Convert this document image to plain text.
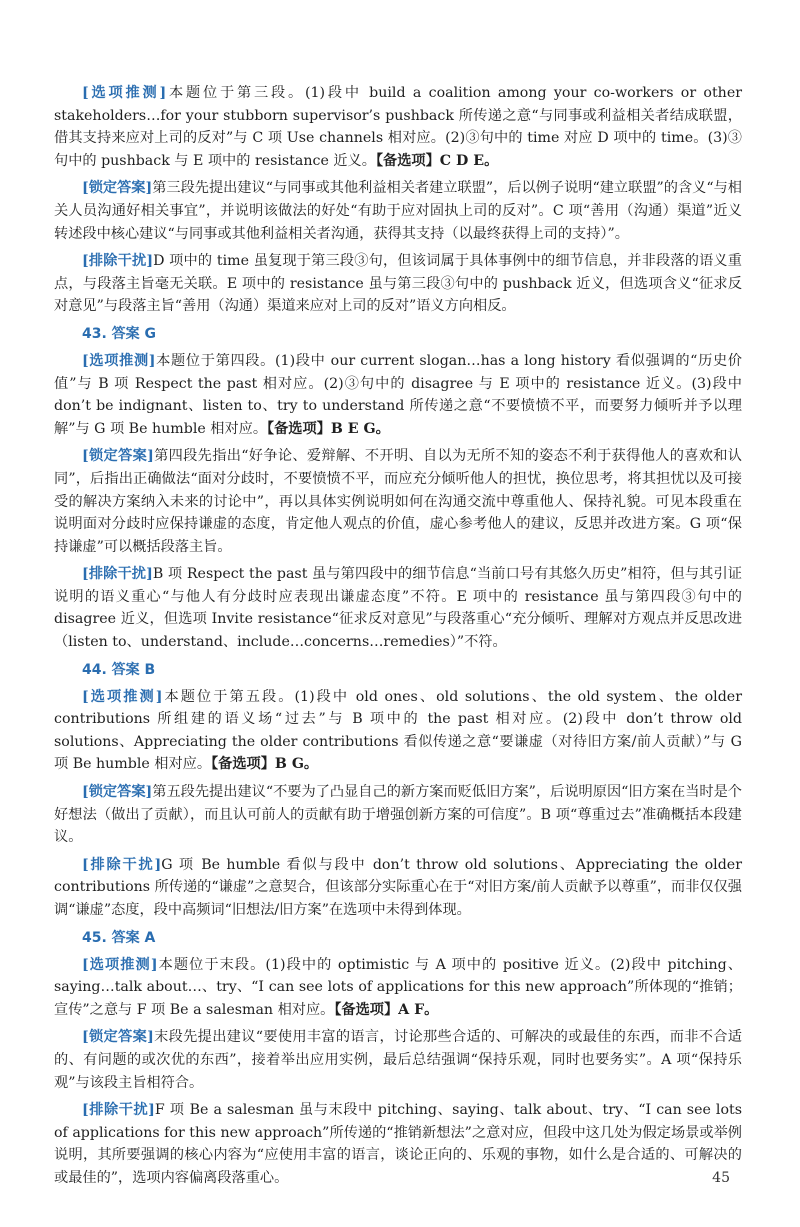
[选项推测]本题位于第三段。(1)段中 build a coalition among your co-workers or other stakeholders…for your stubborn supervisor’s pushback 所传递之意“与同事或利益相关者结成联盟，借其支持来应对上司的反对”与 C 项 Use channels 相对应。(2)③句中的 time 对应 D 项中的 time。(3)③句中的 pushback 与 E 项中的 resistance 近义。【备选项】C D E。

[锁定答案]第三段先提出建议“与同事或其他利益相关者建立联盟”，后以例子说明“建立联盟”的含义“与相关人员沟通好相关事宜”，并说明该做法的好处“有助于应对固执上司的反对”。C 项“善用（沟通）渠道”近义转述段中核心建议“与同事或其他利益相关者沟通，获得其支持（以最终获得上司的支持）”。

[排除干扰]D 项中的 time 虽复现于第三段③句，但该词属于具体事例中的细节信息，并非段落的语义重点，与段落主旨毫无关联。E 项中的 resistance 虽与第三段③句中的 pushback 近义，但选项含义“征求反对意见”与段落主旨“善用（沟通）渠道来应对上司的反对”语义方向相反。

43. 答案 G

[选项推测]本题位于第四段。(1)段中 our current slogan…has a long history 看似强调的“历史价值”与 B 项 Respect the past 相对应。(2)③句中的 disagree 与 E 项中的 resistance 近义。(3)段中 don’t be indignant、listen to、try to understand 所传递之意“不要愤愤不平，而要努力倾听并予以理解”与 G 项 Be humble 相对应。【备选项】B E G。

[锁定答案]第四段先指出“好争论、爱辩解、不开明、自以为无所不知的姿态不利于获得他人的喜欢和认同”，后指出正确做法“面对分歧时，不要愤愤不平，而应充分倾听他人的担忧，换位思考，将其担忧以及可接受的解决方案纳入未来的讨论中”，再以具体实例说明如何在沟通交流中尊重他人、保持礼貌。可见本段重在说明面对分歧时应保持谦虚的态度，肯定他人观点的价值，虚心参考他人的建议，反思并改进方案。G 项“保持谦虚”可以概括段落主旨。

[排除干扰]B 项 Respect the past 虽与第四段中的细节信息“当前口号有其悠久历史”相符，但与其引证说明的语义重心“与他人有分歧时应表现出谦虚态度”不符。E 项中的 resistance 虽与第四段③句中的 disagree 近义，但选项 Invite resistance“征求反对意见”与段落重心“充分倾听、理解对方观点并反思改进（listen to、understand、include…concerns…remedies）”不符。

44. 答案 B

[选项推测]本题位于第五段。(1)段中 old ones、old solutions、the old system、the older contributions 所组建的语义场“过去”与 B 项中的 the past 相对应。(2)段中 don’t throw old solutions、Appreciating the older contributions 看似传递之意“要谦虚（对待旧方案/前人贡献）”与 G 项 Be humble 相对应。【备选项】B G。

[锁定答案]第五段先提出建议“不要为了凸显自己的新方案而贬低旧方案”，后说明原因“旧方案在当时是个好想法（做出了贡献），而且认可前人的贡献有助于增强创新方案的可信度”。B 项“尊重过去”准确概括本段建议。

[排除干扰]G 项 Be humble 看似与段中 don’t throw old solutions、Appreciating the older contributions 所传递的“谦虚”之意契合，但该部分实际重心在于“对旧方案/前人贡献予以尊重”，而非仅仅强调“谦虚”态度，段中高频词“旧想法/旧方案”在选项中未得到体现。

45. 答案 A

[选项推测]本题位于末段。(1)段中的 optimistic 与 A 项中的 positive 近义。(2)段中 pitching、saying…talk about…、try、“I can see lots of applications for this new approach”所体现的“推销；宣传”之意与 F 项 Be a salesman 相对应。【备选项】A F。

[锁定答案]末段先提出建议“要使用丰富的语言，讨论那些合适的、可解决的或最佳的东西，而非不合适的、有问题的或次优的东西”，接着举出应用实例，最后总结强调“保持乐观，同时也要务实”。A 项“保持乐观”与该段主旨相符合。

[排除干扰]F 项 Be a salesman 虽与末段中 pitching、saying、talk about、try、“I can see lots of applications for this new approach”所传递的“推销新想法”之意对应，但段中这几处为假定场景或举例说明，其所要强调的核心内容为“应使用丰富的语言，谈论正向的、乐观的事物，如什么是合适的、可解决的或最佳的”，选项内容偏离段落重心。	45
